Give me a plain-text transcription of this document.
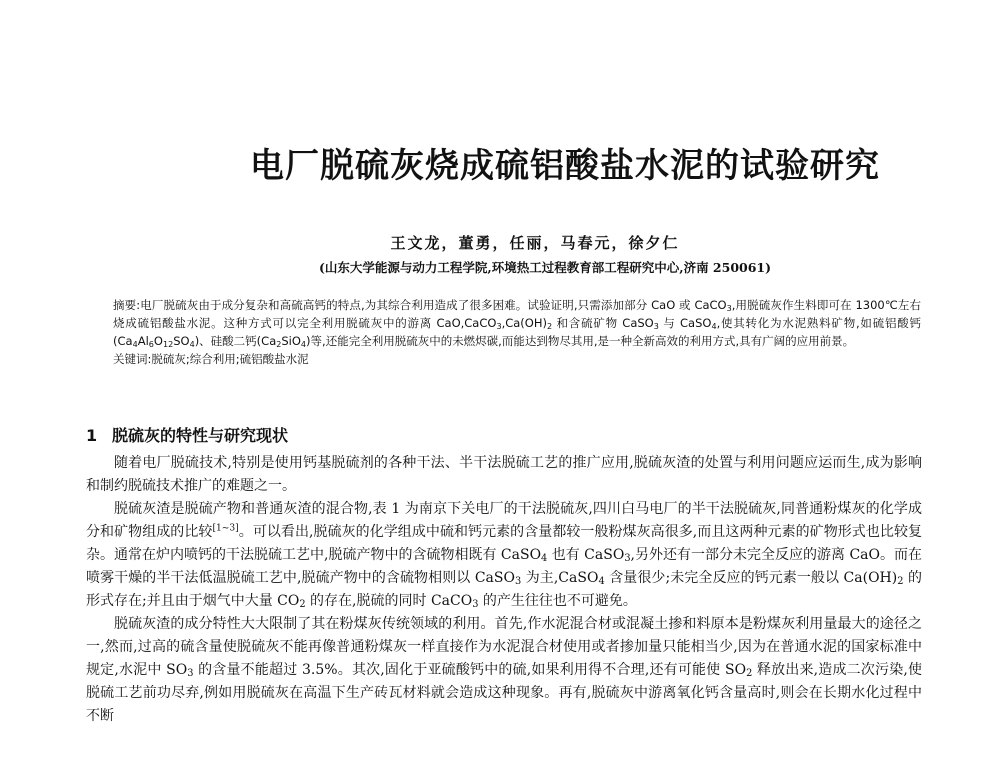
电厂脱硫灰烧成硫铝酸盐水泥的试验研究
王文龙，董勇，任丽，马春元，徐夕仁
(山东大学能源与动力工程学院,环境热工过程教育部工程研究中心,济南 250061)

摘要:电厂脱硫灰由于成分复杂和高硫高钙的特点,为其综合利用造成了很多困难。试验证明,只需添加部分 CaO 或 CaCO$_3$,用脱硫灰作生料即可在 1300℃左右烧成硫铝酸盐水泥。这种方式可以完全利用脱硫灰中的游离 $CaO,CaCO_3,Ca(OH)_2$ 和含硫矿物 CaSO$_3$ 与 CaSO$_4$,使其转化为水泥熟料矿物,如硫铝酸钙$(Ca_4Al_6O_{12}SO_4)$、硅酸二钙$(Ca_2SiO_4)$等,还能完全利用脱硫灰中的未燃烬碳,而能达到物尽其用,是一种全新高效的利用方式,具有广阔的应用前景。

关键词:脱硫灰;综合利用;硫铝酸盐水泥

1 脱硫灰的特性与研究现状

随着电厂脱硫技术,特别是使用钙基脱硫剂的各种干法、半干法脱硫工艺的推广应用,脱硫灰渣的处置与利用问题应运而生,成为影响和制约脱硫技术推广的难题之一。

脱硫灰渣是脱硫产物和普通灰渣的混合物,表 1 为南京下关电厂的干法脱硫灰,四川白马电厂的半干法脱硫灰,同普通粉煤灰的化学成分和矿物组成的比较[1~3]。可以看出,脱硫灰的化学组成中硫和钙元素的含量都较一般粉煤灰高很多,而且这两种元素的矿物形式也比较复杂。通常在炉内喷钙的干法脱硫工艺中,脱硫产物中的含硫物相既有 CaSO$_4$ 也有 CaSO$_3$,另外还有一部分未完全反应的游离 CaO。而在喷雾干燥的半干法低温脱硫工艺中,脱硫产物中的含硫物相则以 CaSO$_3$ 为主,CaSO$_4$ 含量很少;未完全反应的钙元素一般以 $Ca(OH)_2$ 的形式存在;并且由于烟气中大量 $CO_2$ 的存在,脱硫的同时 CaCO$_3$ 的产生往往也不可避免。

脱硫灰渣的成分特性大大限制了其在粉煤灰传统领域的利用。首先,作水泥混合材或混凝土掺和料原本是粉煤灰利用量最大的途径之一,然而,过高的硫含量使脱硫灰不能再像普通粉煤灰一样直接作为水泥混合材使用或者掺加量只能相当少,因为在普通水泥的国家标准中规定,水泥中 $SO_3$ 的含量不能超过 3.5%。其次,固化于亚硫酸钙中的硫,如果利用得不合理,还有可能使 $SO_2$ 释放出来,造成二次污染,使脱硫工艺前功尽弃,例如用脱硫灰在高温下生产砖瓦材料就会造成这种现象。再有,脱硫灰中游离氧化钙含量高时,则会在长期水化过程中不断
